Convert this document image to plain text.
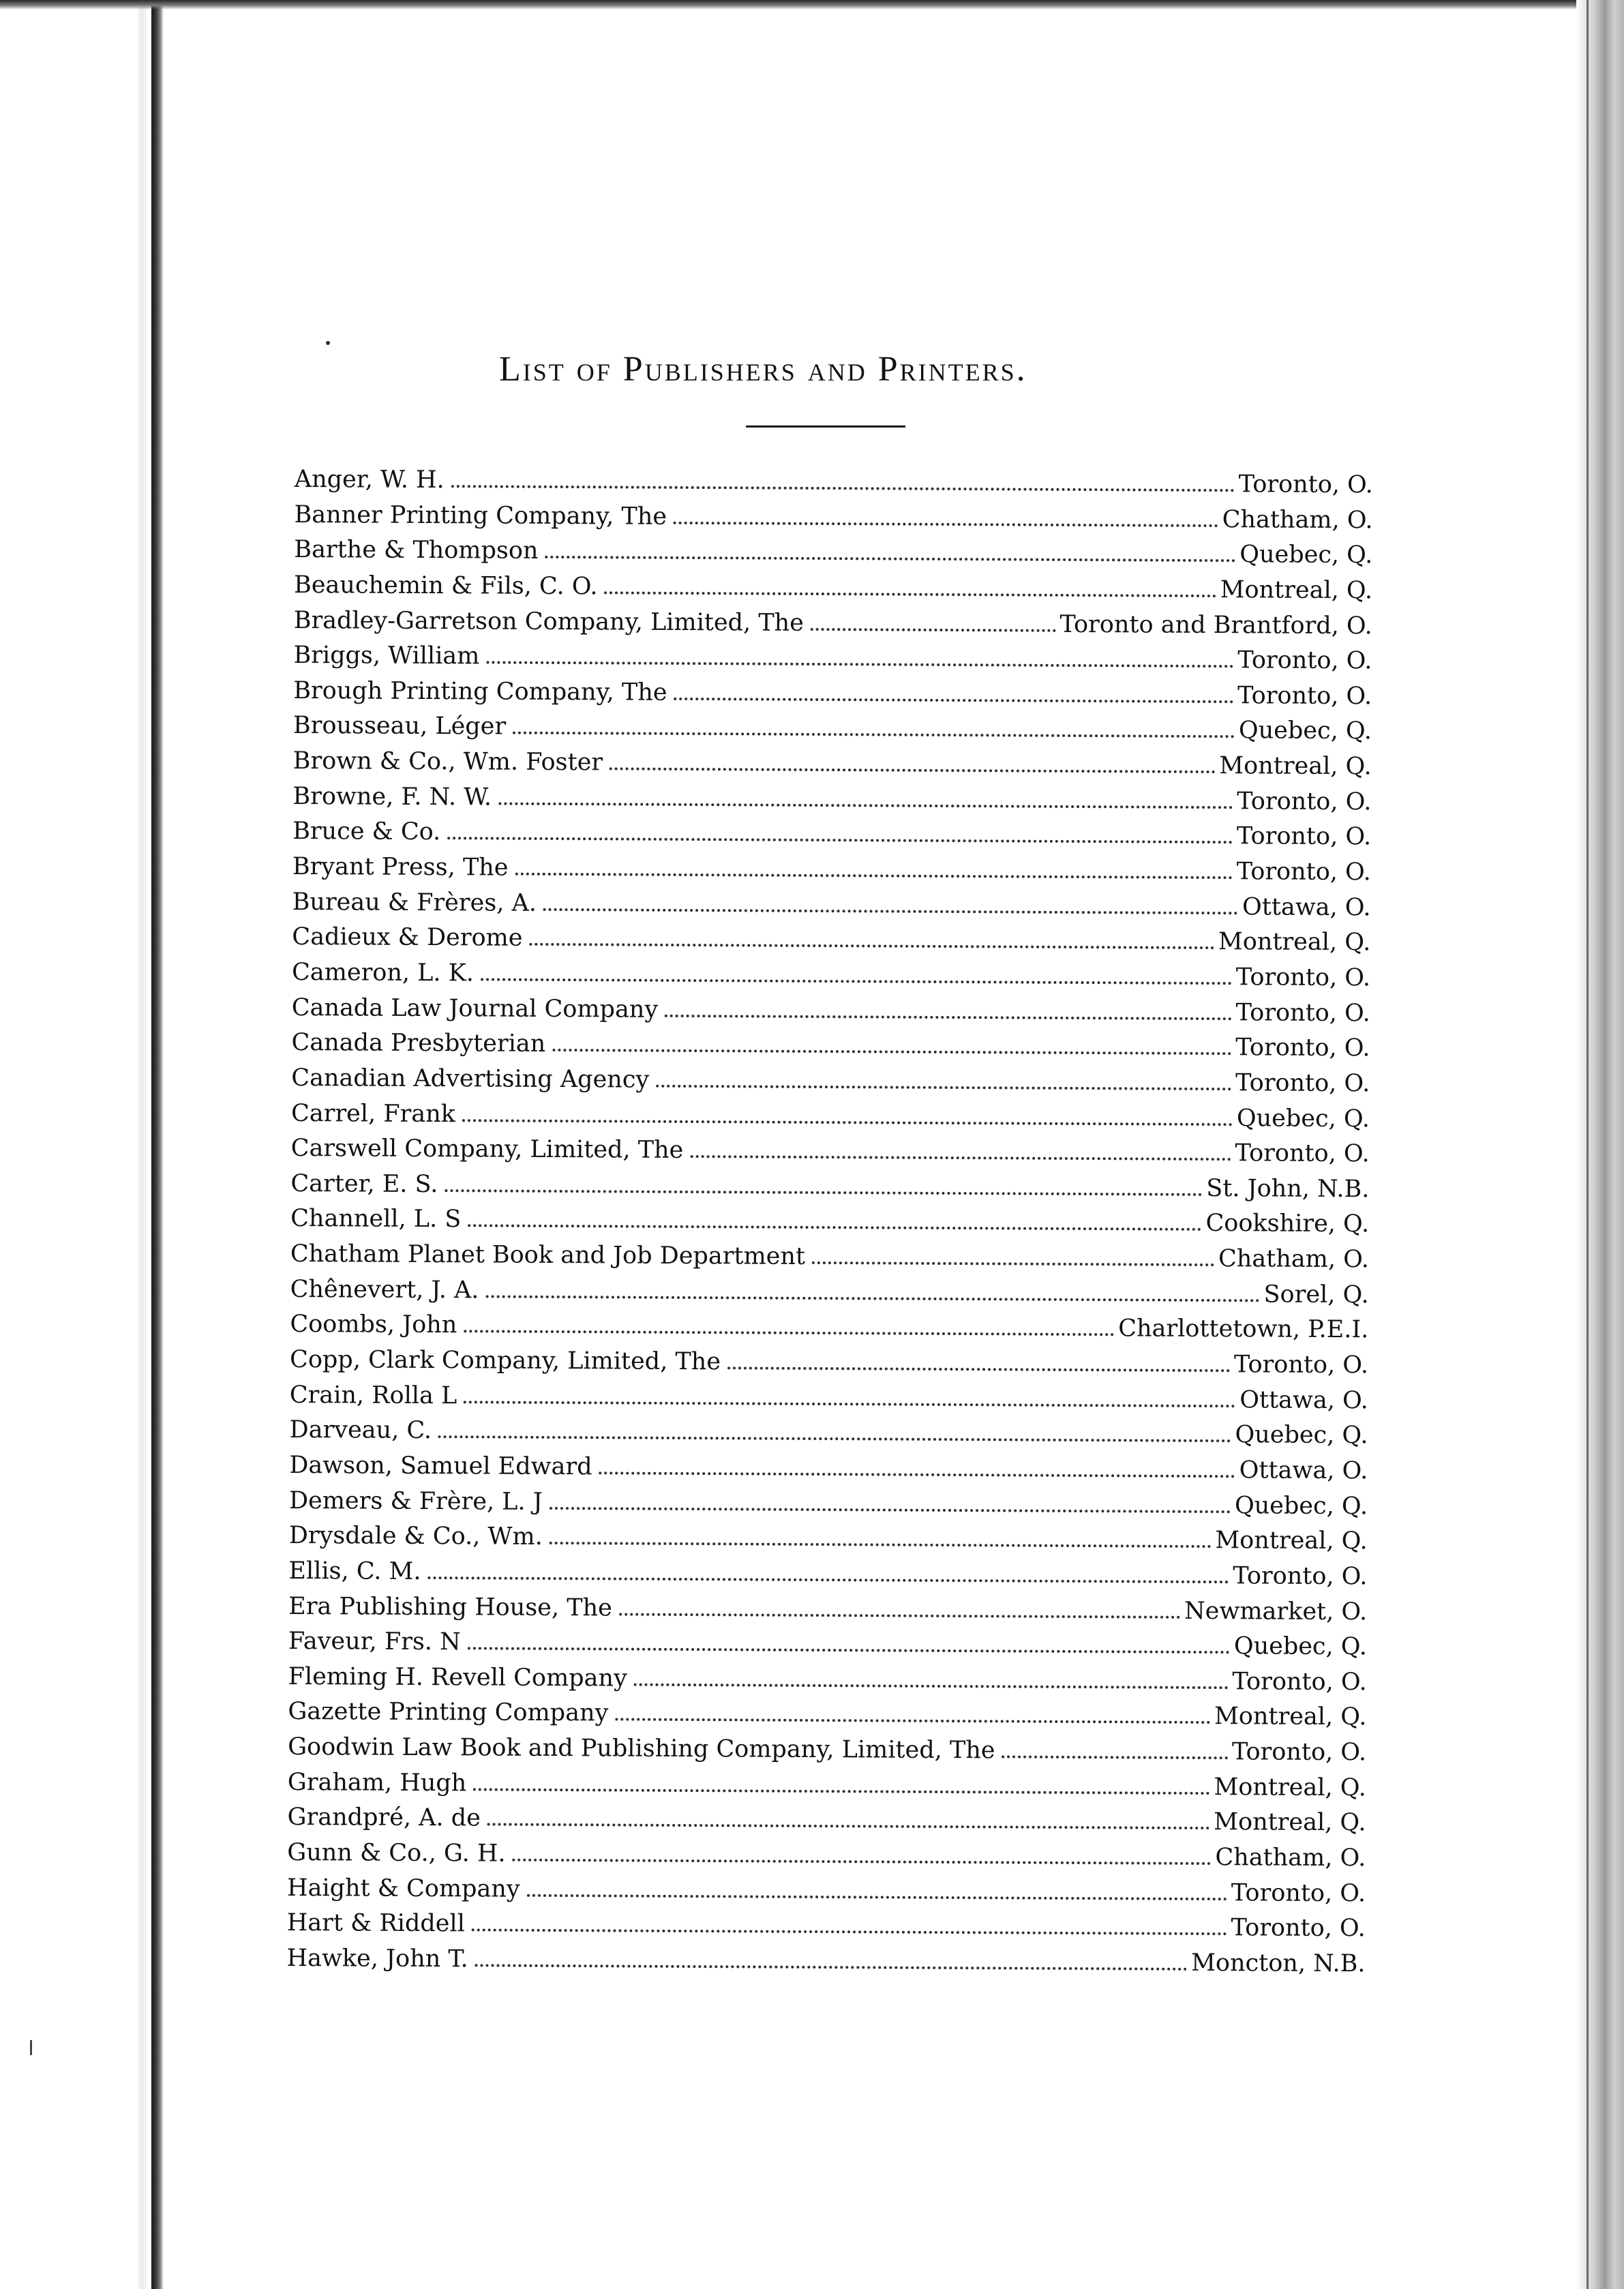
List of Publishers and Printers.
Anger, W. H.	Toronto, O.
Banner Printing Company, The	Chatham, O.
Barthe & Thompson	Quebec, Q.
Beauchemin & Fils, C. O.	Montreal, Q.
Bradley-Garretson Company, Limited, The	Toronto and Brantford, O.
Briggs, William	Toronto, O.
Brough Printing Company, The	Toronto, O.
Brousseau, Léger	Quebec, Q.
Brown & Co., Wm. Foster	Montreal, Q.
Browne, F. N. W.	Toronto, O.
Bruce & Co.	Toronto, O.
Bryant Press, The	Toronto, O.
Bureau & Frères, A.	Ottawa, O.
Cadieux & Derome	Montreal, Q.
Cameron, L. K.	Toronto, O.
Canada Law Journal Company	Toronto, O.
Canada Presbyterian	Toronto, O.
Canadian Advertising Agency	Toronto, O.
Carrel, Frank	Quebec, Q.
Carswell Company, Limited, The	Toronto, O.
Carter, E. S.	St. John, N.B.
Channell, L. S	Cookshire, Q.
Chatham Planet Book and Job Department	Chatham, O.
Chênevert, J. A.	Sorel, Q.
Coombs, John	Charlottetown, P.E.I.
Copp, Clark Company, Limited, The	Toronto, O.
Crain, Rolla L	Ottawa, O.
Darveau, C.	Quebec, Q.
Dawson, Samuel Edward	Ottawa, O.
Demers & Frère, L. J	Quebec, Q.
Drysdale & Co., Wm.	Montreal, Q.
Ellis, C. M.	Toronto, O.
Era Publishing House, The	Newmarket, O.
Faveur, Frs. N	Quebec, Q.
Fleming H. Revell Company	Toronto, O.
Gazette Printing Company	Montreal, Q.
Goodwin Law Book and Publishing Company, Limited, The	Toronto, O.
Graham, Hugh	Montreal, Q.
Grandpré, A. de	Montreal, Q.
Gunn & Co., G. H.	Chatham, O.
Haight & Company	Toronto, O.
Hart & Riddell	Toronto, O.
Hawke, John T.	Moncton, N.B.
